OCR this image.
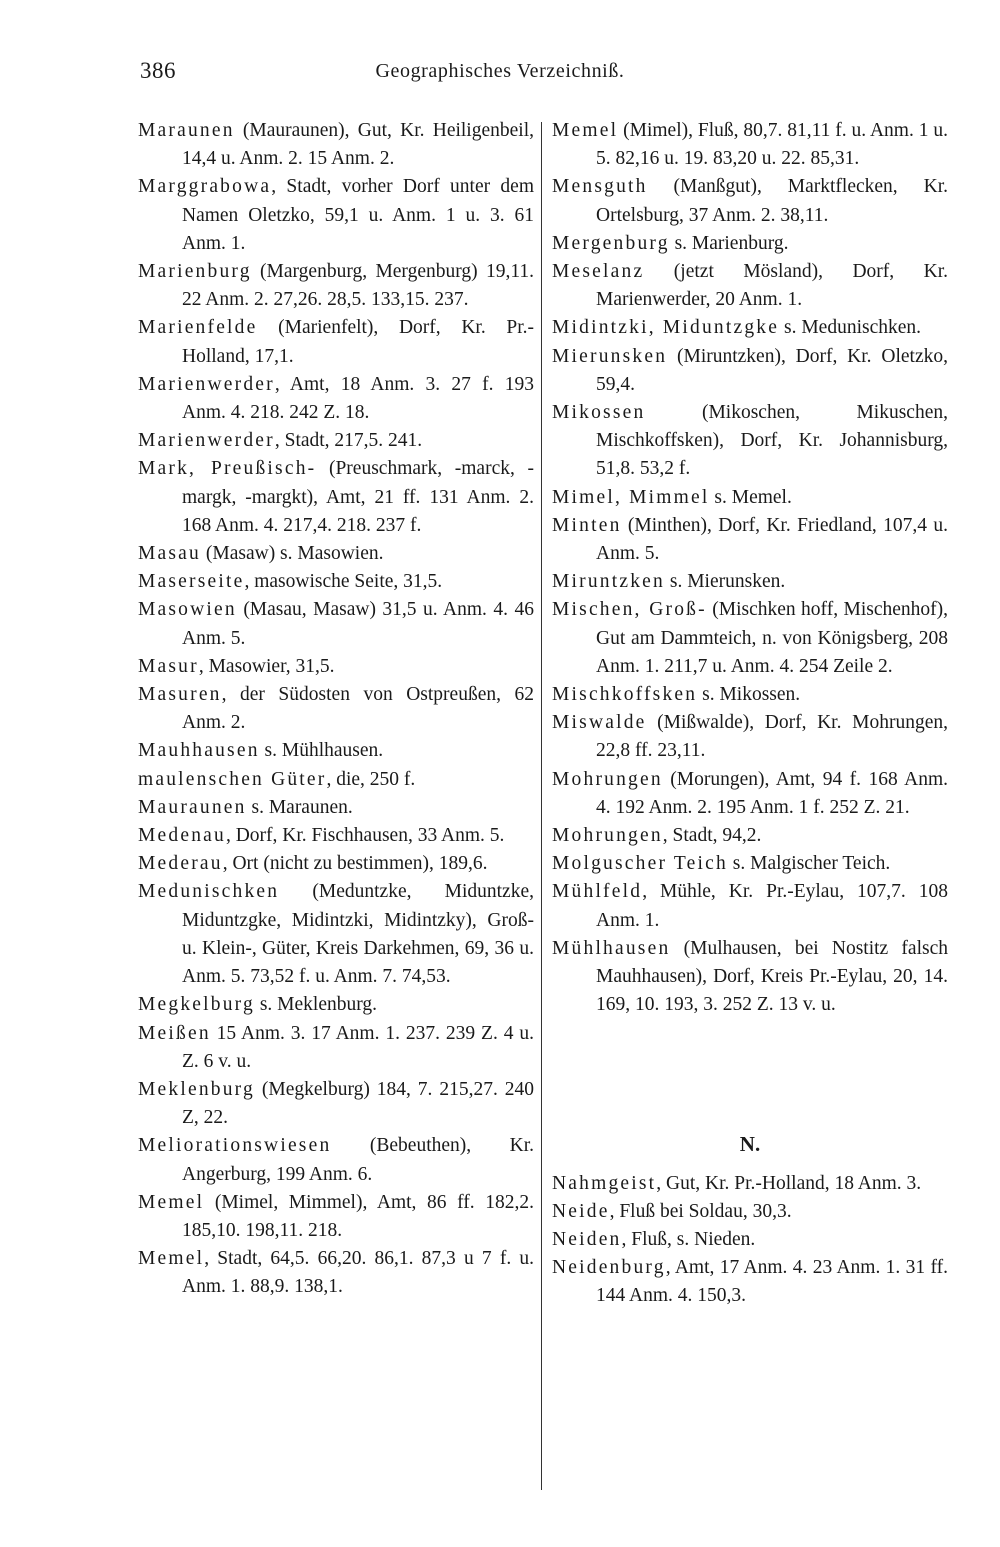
386	Geographisches Verzeichniß.
Maraunen (Mauraunen), Gut, Kr. Heiligenbeil, 14,4 u. Anm. 2. 15 Anm. 2.
Marggrabowa, Stadt, vorher Dorf unter dem Namen Oletzko, 59,1 u. Anm. 1 u. 3. 61 Anm. 1.
Marienburg (Margenburg, Mergenburg) 19,11. 22 Anm. 2. 27,26. 28,5. 133,15. 237.
Marienfelde (Marienfelt), Dorf, Kr. Pr.-Holland, 17,1.
Marienwerder, Amt, 18 Anm. 3. 27 f. 193 Anm. 4. 218. 242 Z. 18.
Marienwerder, Stadt, 217,5. 241.
Mark, Preußisch- (Preuschmark, -marck, -margk, -margkt), Amt, 21 ff. 131 Anm. 2. 168 Anm. 4. 217,4. 218. 237 f.
Masau (Masaw) s. Masowien.
Maserseite, masowische Seite, 31,5.
Masowien (Masau, Masaw) 31,5 u. Anm. 4. 46 Anm. 5.
Masur, Masowier, 31,5.
Masuren, der Südosten von Ostpreußen, 62 Anm. 2.
Mauhhausen s. Mühlhausen.
maulenschen Güter, die, 250 f.
Mauraunen s. Maraunen.
Medenau, Dorf, Kr. Fischhausen, 33 Anm. 5.
Mederau, Ort (nicht zu bestimmen), 189,6.
Medunischken (Meduntzke, Miduntzke, Miduntzgke, Midintzki, Midintzky), Groß- u. Klein-, Güter, Kreis Darkehmen, 69, 36 u. Anm. 5. 73,52 f. u. Anm. 7. 74,53.
Megkelburg s. Meklenburg.
Meißen 15 Anm. 3. 17 Anm. 1. 237. 239 Z. 4 u. Z. 6 v. u.
Meklenburg (Megkelburg) 184, 7. 215,27. 240 Z, 22.
Meliorationswiesen (Bebeuthen), Kr. Angerburg, 199 Anm. 6.
Memel (Mimel, Mimmel), Amt, 86 ff. 182,2. 185,10. 198,11. 218.
Memel, Stadt, 64,5. 66,20. 86,1. 87,3 u 7 f. u. Anm. 1. 88,9. 138,1.
Memel (Mimel), Fluß, 80,7. 81,11 f. u. Anm. 1 u. 5. 82,16 u. 19. 83,20 u. 22. 85,31.
Mensguth (Manßgut), Marktflecken, Kr. Ortelsburg, 37 Anm. 2. 38,11.
Mergenburg s. Marienburg.
Meselanz (jetzt Mösland), Dorf, Kr. Marienwerder, 20 Anm. 1.
Midintzki, Miduntzgke s. Medunischken.
Mierunsken (Miruntzken), Dorf, Kr. Oletzko, 59,4.
Mikossen (Mikoschen, Mikuschen, Mischkoffsken), Dorf, Kr. Johannisburg, 51,8. 53,2 f.
Mimel, Mimmel s. Memel.
Minten (Minthen), Dorf, Kr. Friedland, 107,4 u. Anm. 5.
Miruntzken s. Mierunsken.
Mischen, Groß- (Mischken hoff, Mischenhof), Gut am Dammteich, n. von Königsberg, 208 Anm. 1. 211,7 u. Anm. 4. 254 Zeile 2.
Mischkoffsken s. Mikossen.
Miswalde (Mißwalde), Dorf, Kr. Mohrungen, 22,8 ff. 23,11.
Mohrungen (Morungen), Amt, 94 f. 168 Anm. 4. 192 Anm. 2. 195 Anm. 1 f. 252 Z. 21.
Mohrungen, Stadt, 94,2.
Molguscher Teich s. Malgischer Teich.
Mühlfeld, Mühle, Kr. Pr.-Eylau, 107,7. 108 Anm. 1.
Mühlhausen (Mulhausen, bei Nostitz falsch Mauhhausen), Dorf, Kreis Pr.-Eylau, 20, 14. 169, 10. 193, 3. 252 Z. 13 v. u.
N.
Nahmgeist, Gut, Kr. Pr.-Holland, 18 Anm. 3.
Neide, Fluß bei Soldau, 30,3.
Neiden, Fluß, s. Nieden.
Neidenburg, Amt, 17 Anm. 4. 23 Anm. 1. 31 ff. 144 Anm. 4. 150,3.
